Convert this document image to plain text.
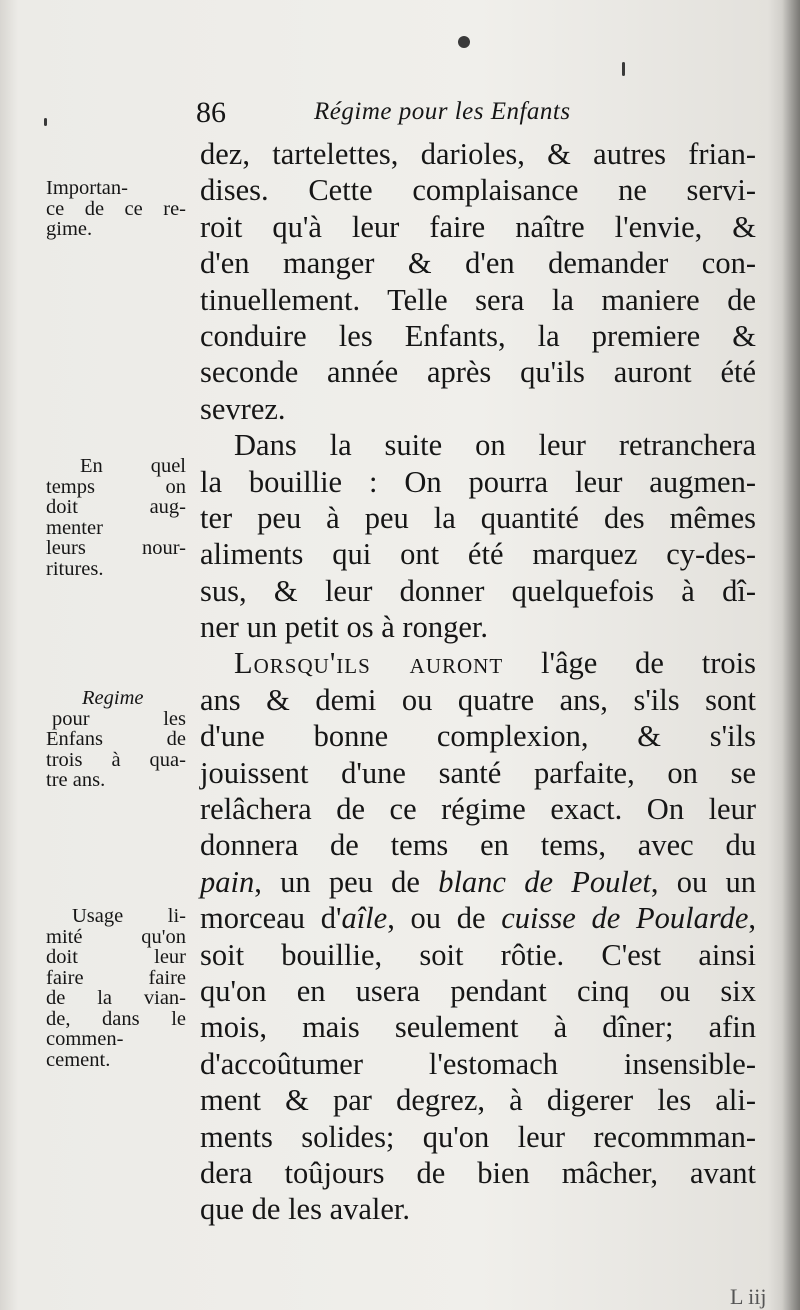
86	Régime pour les Enfants
Importan-
ce de ce re-
gime.
En quel
temps on
doit aug-
menter
leurs nour-
ritures.
Regime
pour les
Enfans de
trois à qua-
tre ans.
Usage li-
mité qu'on
doit leur
faire faire
de la vian-
de, dans le
commen-
cement.
dez, tartelettes, darioles, & autres frian-
dises. Cette complaisance ne servi-
roit qu'à leur faire naître l'envie, &
d'en manger & d'en demander con-
tinuellement. Telle sera la maniere de
conduire les Enfants, la premiere &
seconde année après qu'ils auront été
sevrez.
Dans la suite on leur retranchera
la bouillie : On pourra leur augmen-
ter peu à peu la quantité des mêmes
aliments qui ont été marquez cy-des-
sus, & leur donner quelquefois à dî-
ner un petit os à ronger.
Lorsqu'ils auront l'âge de trois
ans & demi ou quatre ans, s'ils sont
d'une bonne complexion, & s'ils
jouissent d'une santé parfaite, on se
relâchera de ce régime exact. On leur
donnera de tems en tems, avec du
pain, un peu de blanc de Poulet, ou un
morceau d'aîle, ou de cuisse de Poularde,
soit bouillie, soit rôtie. C'est ainsi
qu'on en usera pendant cinq ou six
mois, mais seulement à dîner; afin
d'accoûtumer l'estomach insensible-
ment & par degrez, à digerer les ali-
ments solides; qu'on leur recommman-
dera toûjours de bien mâcher, avant
que de les avaler.
L iij
